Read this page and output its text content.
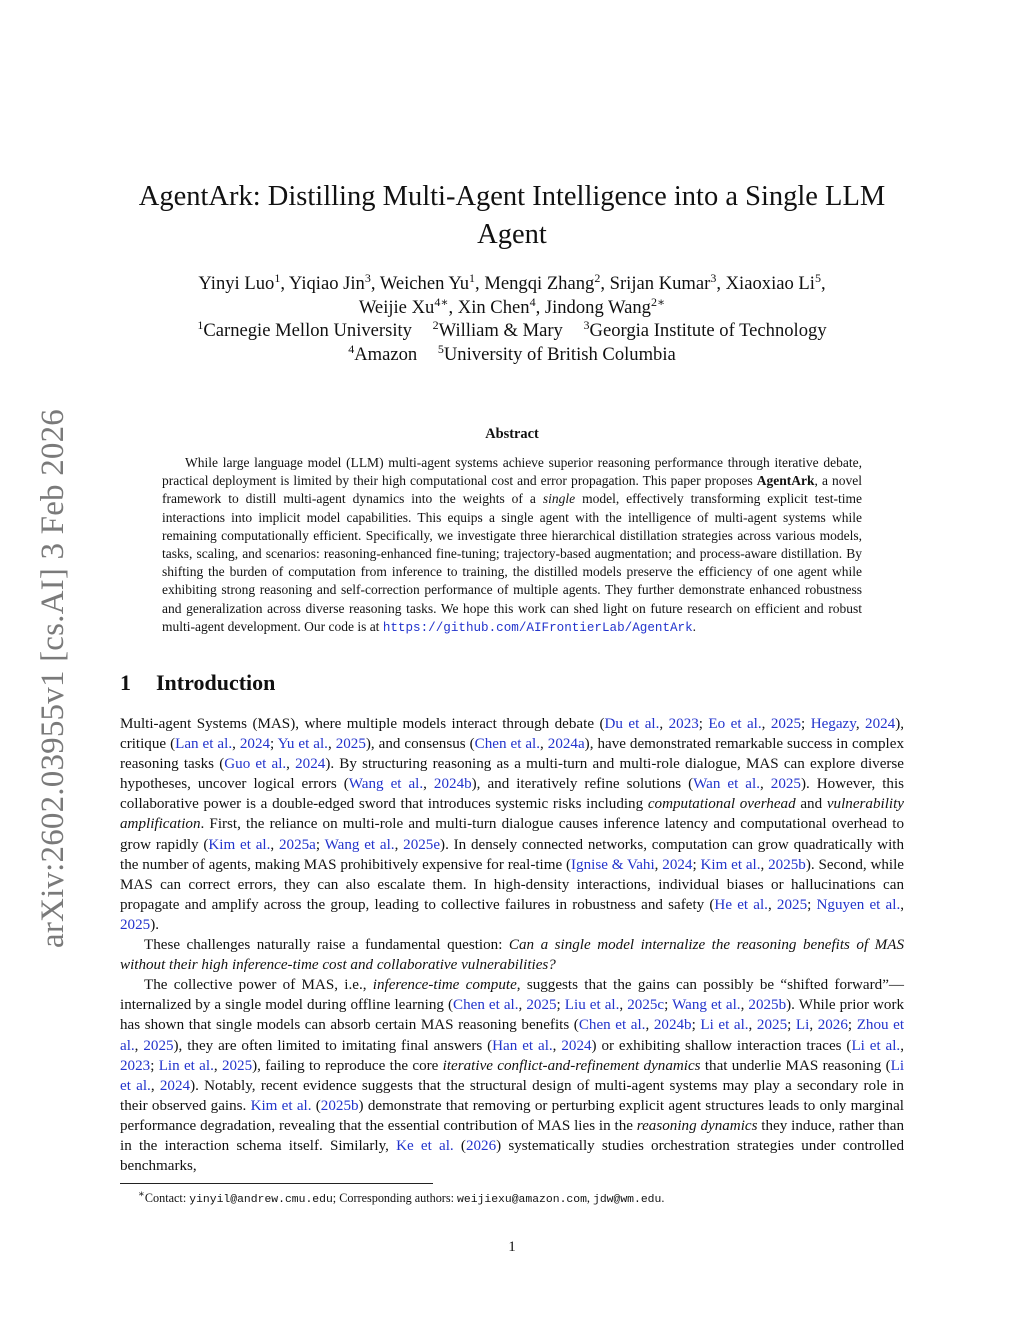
arXiv:2602.03955v1 [cs.AI] 3 Feb 2026
AgentArk: Distilling Multi-Agent Intelligence into a Single LLM Agent
Yinyi Luo$^1$, Yiqiao Jin$^3$, Weichen Yu$^1$, Mengqi Zhang$^2$, Srijan Kumar$^3$, Xiaoxiao Li$^5$,
Weijie $Xu^{4∗}$, Xin Chen$^4$, Jindong Wang$^{2∗}$
$^1$Carnegie Mellon University $^2$William & Mary $^3$Georgia Institute of Technology
$^4$Amazon $^5$University of British Columbia
Abstract

While large language model (LLM) multi-agent systems achieve superior reasoning performance through iterative debate, practical deployment is limited by their high computational cost and error propagation. This paper proposes AgentArk, a novel framework to distill multi-agent dynamics into the weights of a single model, effectively transforming explicit test-time interactions into implicit model capabilities. This equips a single agent with the intelligence of multi-agent systems while remaining computationally efficient. Specifically, we investigate three hierarchical distillation strategies across various models, tasks, scaling, and scenarios: reasoning-enhanced fine-tuning; trajectory-based augmentation; and process-aware distillation. By shifting the burden of computation from inference to training, the distilled models preserve the efficiency of one agent while exhibiting strong reasoning and self-correction performance of multiple agents. They further demonstrate enhanced robustness and generalization across diverse reasoning tasks. We hope this work can shed light on future research on efficient and robust multi-agent development. Our code is at https://github.com/AIFrontierLab/AgentArk.

1 Introduction

Multi-agent Systems (MAS), where multiple models interact through debate (Du et al., 2023; Eo et al., 2025; Hegazy, 2024), critique (Lan et al., 2024; Yu et al., 2025), and consensus (Chen et al., 2024a), have demonstrated remarkable success in complex reasoning tasks (Guo et al., 2024). By structuring reasoning as a multi-turn and multi-role dialogue, MAS can explore diverse hypotheses, uncover logical errors (Wang et al., 2024b), and iteratively refine solutions (Wan et al., 2025). However, this collaborative power is a double-edged sword that introduces systemic risks including computational overhead and vulnerability amplification. First, the reliance on multi-role and multi-turn dialogue causes inference latency and computational overhead to grow rapidly (Kim et al., 2025a; Wang et al., 2025e). In densely connected networks, computation can grow quadratically with the number of agents, making MAS prohibitively expensive for real-time (Ignise & Vahi, 2024; Kim et al., 2025b). Second, while MAS can correct errors, they can also escalate them. In high-density interactions, individual biases or hallucinations can propagate and amplify across the group, leading to collective failures in robustness and safety (He et al., 2025; Nguyen et al., 2025).

These challenges naturally raise a fundamental question: Can a single model internalize the reasoning benefits of MAS without their high inference-time cost and collaborative vulnerabilities?

The collective power of MAS, i.e., inference-time compute, suggests that the gains can possibly be “shifted forward”—internalized by a single model during offline learning (Chen et al., 2025; Liu et al., 2025c; Wang et al., 2025b). While prior work has shown that single models can absorb certain MAS reasoning benefits (Chen et al., 2024b; Li et al., 2025; Li, 2026; Zhou et al., 2025), they are often limited to imitating final answers (Han et al., 2024) or exhibiting shallow interaction traces (Li et al., 2023; Lin et al., 2025), failing to reproduce the core iterative conflict-and-refinement dynamics that underlie MAS reasoning (Li et al., 2024). Notably, recent evidence suggests that the structural design of multi-agent systems may play a secondary role in their observed gains. Kim et al. (2025b) demonstrate that removing or perturbing explicit agent structures leads to only marginal performance degradation, revealing that the essential contribution of MAS lies in the reasoning dynamics they induce, rather than in the interaction schema itself. Similarly, Ke et al. (2026) systematically studies orchestration strategies under controlled benchmarks,

∗Contact: yinyil@andrew.cmu.edu; Corresponding authors: weijiexu@amazon.com, jdw@wm.edu.
1
